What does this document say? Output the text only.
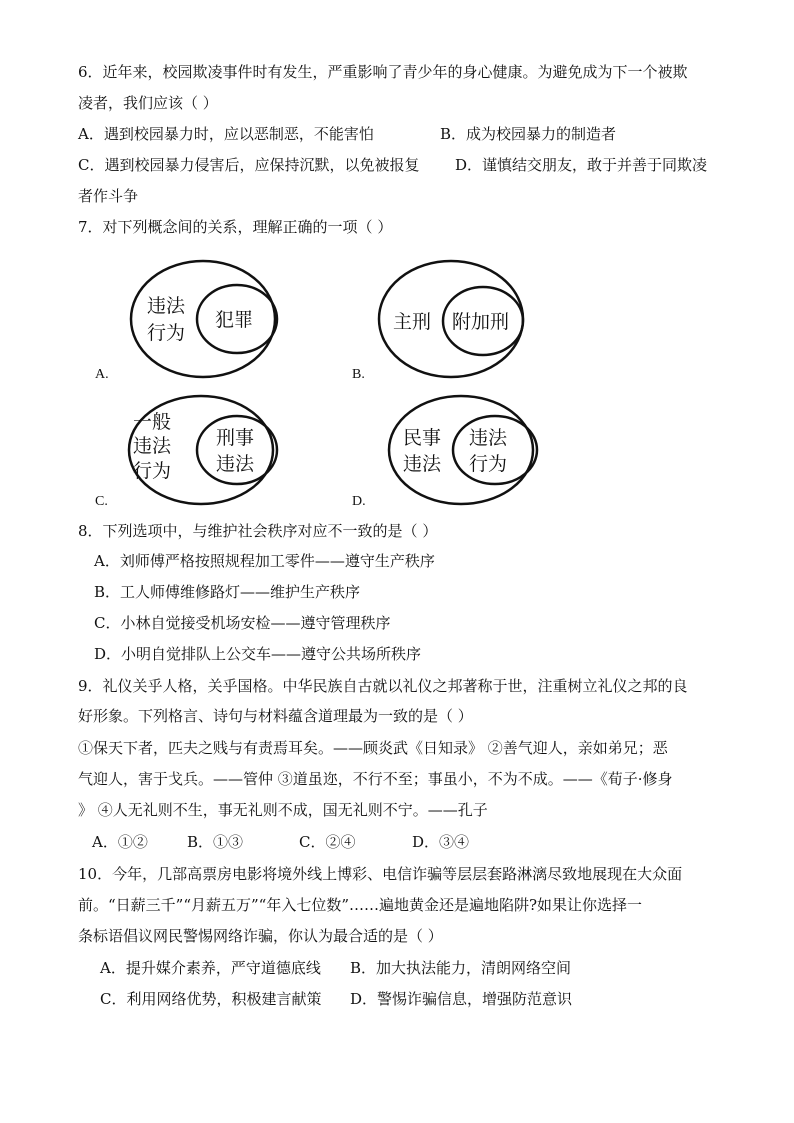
6．近年来，校园欺凌事件时有发生，严重影响了青少年的身心健康。为避免成为下一个被欺
凌者，我们应该（ ）
A．遇到校园暴力时，应以恶制恶，不能害怕	B．成为校园暴力的制造者
C．遇到校园暴力侵害后，应保持沉默，以免被报复 D．谨慎结交朋友，敢于并善于同欺凌
者作斗争
7．对下列概念间的关系，理解正确的一项（ ）
违法
行为
犯罪
A.
主刑 附加刑
B.
一般
违法
行为
刑事
违法
C.
民事
违法
违法
行为
D.
8．下列选项中，与维护社会秩序对应不一致的是（ ）
A．刘师傅严格按照规程加工零件——遵守生产秩序
B．工人师傅维修路灯——维护生产秩序
C．小林自觉接受机场安检——遵守管理秩序
D．小明自觉排队上公交车——遵守公共场所秩序
9．礼仪关乎人格，关乎国格。中华民族自古就以礼仪之邦著称于世，注重树立礼仪之邦的良
好形象。下列格言、诗句与材料蕴含道理最为一致的是（ ）
①保天下者，匹夫之贱与有责焉耳矣。——顾炎武《日知录》 ②善气迎人，亲如弟兄；恶
气迎人，害于戈兵。——管仲 ③道虽迩，不行不至；事虽小，不为不成。——《荀子·修身
》 ④人无礼则不生，事无礼则不成，国无礼则不宁。——孔子
A．①②	B．①③	C．②④	D．③④
10．今年，几部高票房电影将境外线上博彩、电信诈骗等层层套路淋漓尽致地展现在大众面
前。“日薪三千”“月薪五万”“年入七位数”……遍地黄金还是遍地陷阱?如果让你选择一
条标语倡议网民警惕网络诈骗，你认为最合适的是（ ）
A．提升媒介素养，严守道德底线 B．加大执法能力，清朗网络空间
C．利用网络优势，积极建言献策 D．警惕诈骗信息，增强防范意识
